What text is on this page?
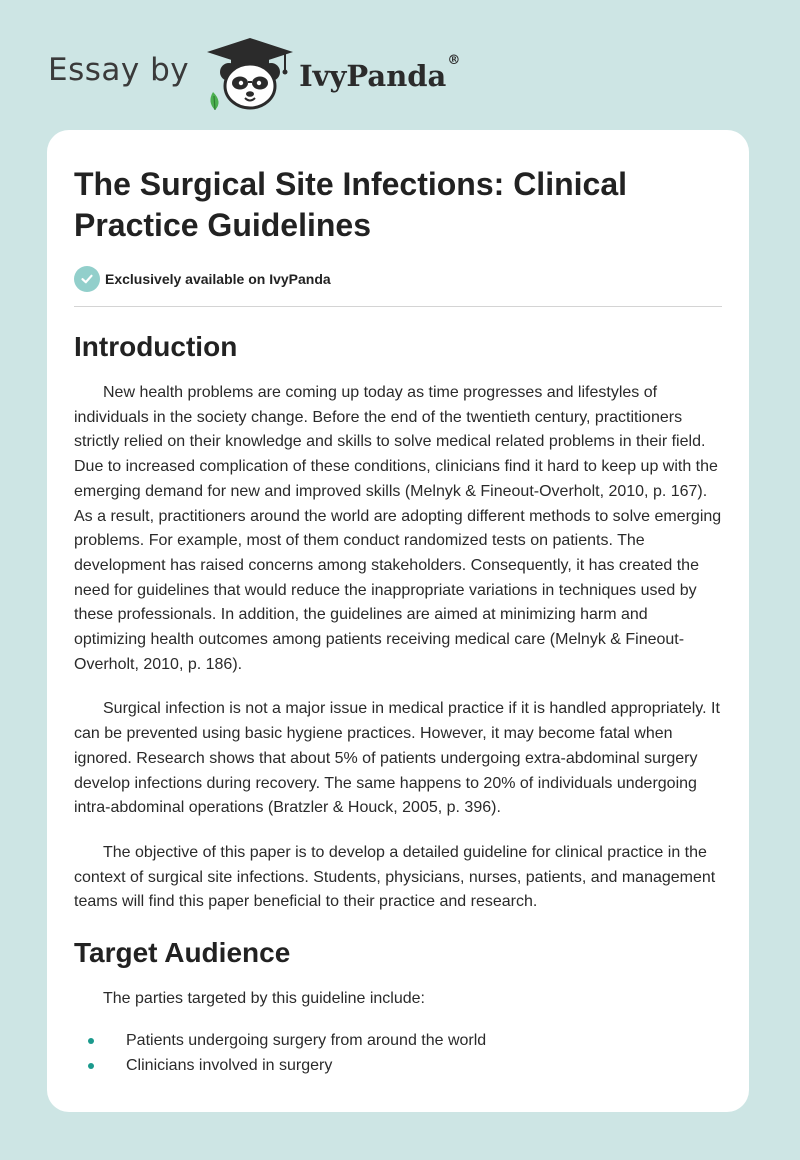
Essay by	IvyPanda®
The Surgical Site Infections: Clinical Practice Guidelines
Exclusively available on IvyPanda
Introduction

New health problems are coming up today as time progresses and lifestyles of individuals in the society change. Before the end of the twentieth century, practitioners strictly relied on their knowledge and skills to solve medical related problems in their field. Due to increased complication of these conditions, clinicians find it hard to keep up with the emerging demand for new and improved skills (Melnyk & Fineout-Overholt, 2010, p. 167). As a result, practitioners around the world are adopting different methods to solve emerging problems. For example, most of them conduct randomized tests on patients. The development has raised concerns among stakeholders. Consequently, it has created the need for guidelines that would reduce the inappropriate variations in techniques used by these professionals. In addition, the guidelines are aimed at minimizing harm and optimizing health outcomes among patients receiving medical care (Melnyk & Fineout-Overholt, 2010, p. 186).

Surgical infection is not a major issue in medical practice if it is handled appropriately. It can be prevented using basic hygiene practices. However, it may become fatal when ignored. Research shows that about 5% of patients undergoing extra-abdominal surgery develop infections during recovery. The same happens to 20% of individuals undergoing intra-abdominal operations (Bratzler & Houck, 2005, p. 396).

The objective of this paper is to develop a detailed guideline for clinical practice in the context of surgical site infections. Students, physicians, nurses, patients, and management teams will find this paper beneficial to their practice and research.

Target Audience

The parties targeted by this guideline include:

Patients undergoing surgery from around the world
Clinicians involved in surgery
